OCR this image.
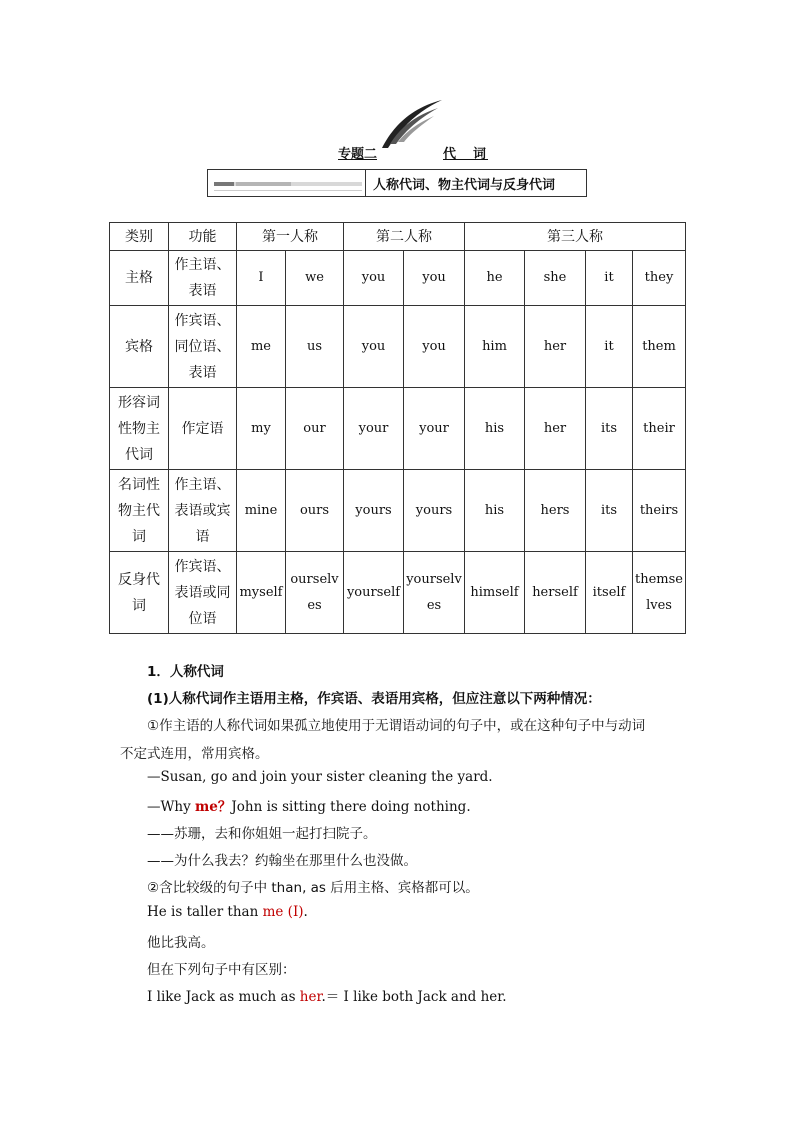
专题二	代　词
人称代词、物主代词与反身代词
类别	功能	第一人称		第二人称		第三人称			
主格	作主语、表语	I	we	you	you	he	she	it	they
宾格	作宾语、同位语、表语	me	us	you	you	him	her	it	them
形容词性物主代词	作定语	my	our	your	your	his	her	its	their
名词性物主代词	作主语、表语或宾语	mine	ours	yours	yours	his	hers	its	theirs
反身代词	作宾语、表语或同位语	myself	ourselves	yourself	yourselves	himself	herself	itself	themselves
1．人称代词
(1)人称代词作主语用主格，作宾语、表语用宾格，但应注意以下两种情况：
①作主语的人称代词如果孤立地使用于无谓语动词的句子中，或在这种句子中与动词
不定式连用，常用宾格。
—Susan, go and join your sister cleaning the yard.
—Why me？John is sitting there doing nothing.
——苏珊，去和你姐姐一起打扫院子。
——为什么我去？约翰坐在那里什么也没做。
②含比较级的句子中 than, as 后用主格、宾格都可以。
He is taller than me (I).
他比我高。
但在下列句子中有区别：
I like Jack as much as her.＝ I like both Jack and her.
